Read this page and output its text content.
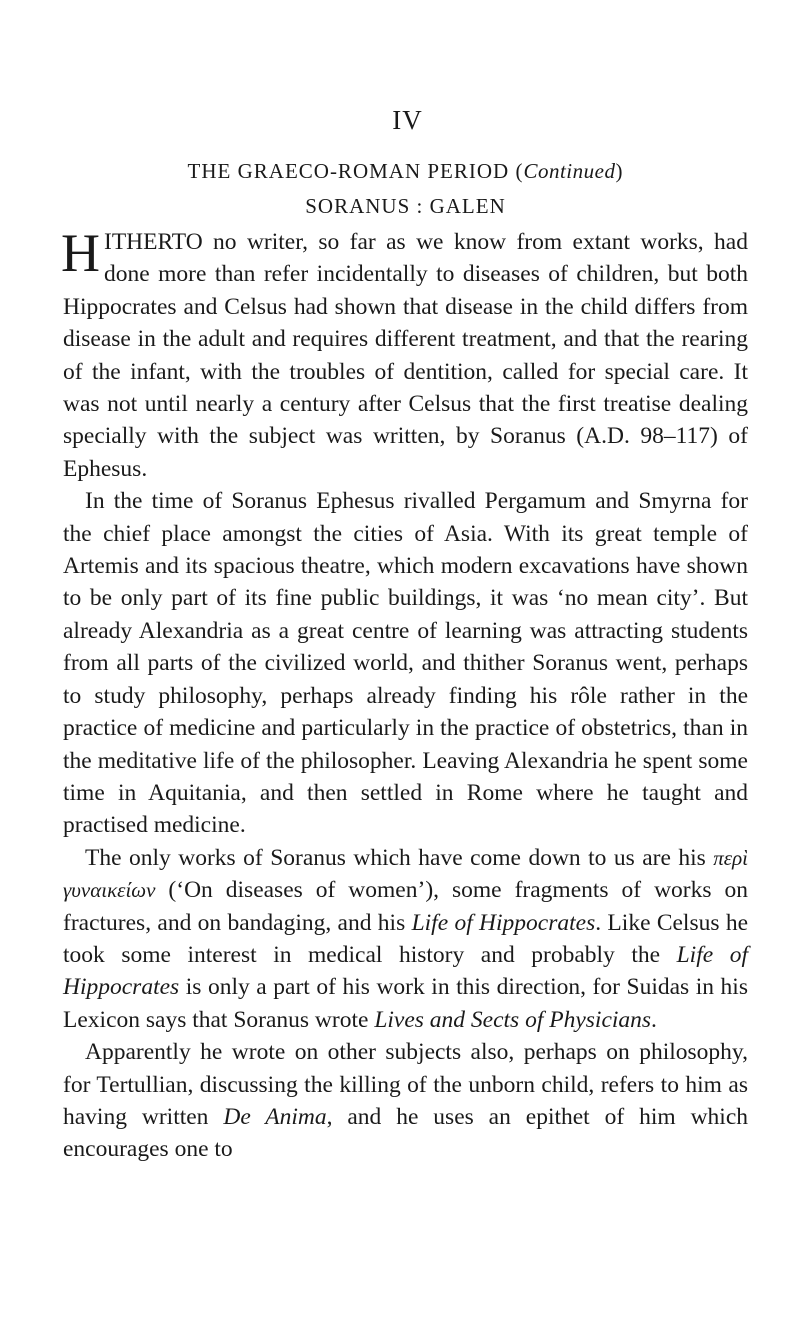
IV
THE GRAECO-ROMAN PERIOD (Continued)
SORANUS : GALEN

HITHERTO no writer, so far as we know from extant works, had done more than refer incidentally to diseases of children, but both Hippocrates and Celsus had shown that disease in the child differs from disease in the adult and requires different treatment, and that the rearing of the infant, with the troubles of dentition, called for special care. It was not until nearly a century after Celsus that the first treatise dealing specially with the subject was written, by Soranus (A.D. 98–117) of Ephesus.

In the time of Soranus Ephesus rivalled Pergamum and Smyrna for the chief place amongst the cities of Asia. With its great temple of Artemis and its spacious theatre, which modern excavations have shown to be only part of its fine public buildings, it was ‘no mean city’. But already Alexandria as a great centre of learning was attracting students from all parts of the civilized world, and thither Soranus went, perhaps to study philosophy, perhaps already finding his rôle rather in the practice of medicine and particularly in the practice of obstetrics, than in the meditative life of the philosopher. Leaving Alexandria he spent some time in Aquitania, and then settled in Rome where he taught and practised medicine.

The only works of Soranus which have come down to us are his περὶ γυναικείων (‘On diseases of women’), some fragments of works on fractures, and on bandaging, and his Life of Hippocrates. Like Celsus he took some interest in medical history and probably the Life of Hippocrates is only a part of his work in this direction, for Suidas in his Lexicon says that Soranus wrote Lives and Sects of Physicians.

Apparently he wrote on other subjects also, perhaps on philosophy, for Tertullian, discussing the killing of the unborn child, refers to him as having written De Anima, and he uses an epithet of him which encourages one to
